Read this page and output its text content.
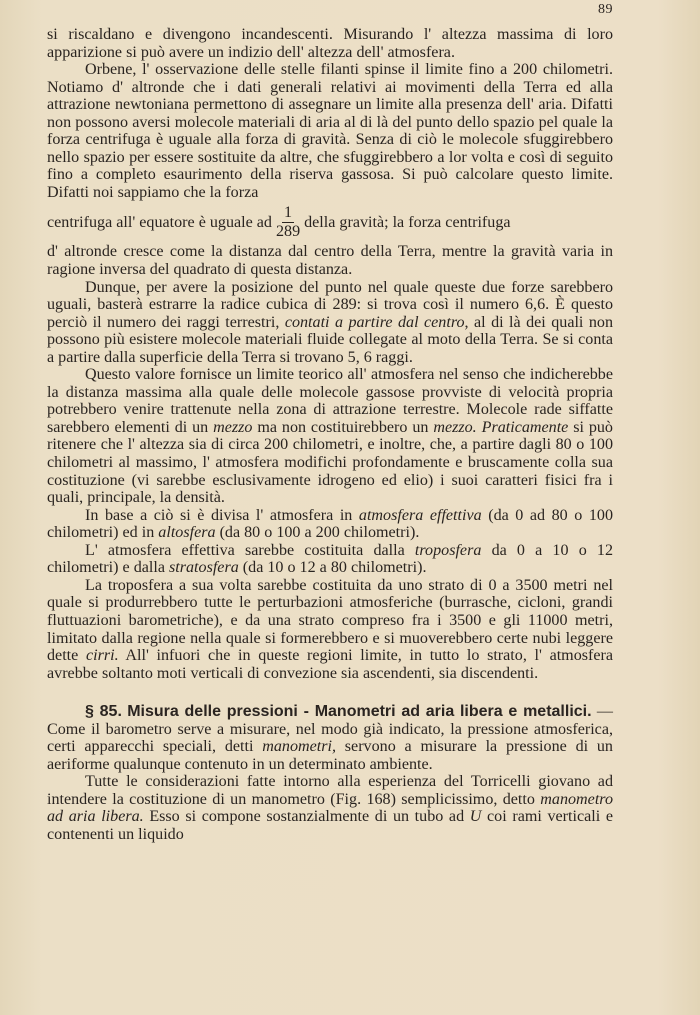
89

si riscaldano e divengono incandescenti. Misurando l' altezza massima di loro apparizione si può avere un indizio dell' altezza dell' atmosfera.

Orbene, l' osservazione delle stelle filanti spinse il limite fino a 200 chilometri. Notiamo d' altronde che i dati generali relativi ai movimenti della Terra ed alla attrazione newtoniana permettono di assegnare un limite alla presenza dell' aria. Difatti non possono aversi molecole materiali di aria al di là del punto dello spazio pel quale la forza centrifuga è uguale alla forza di gravità. Senza di ciò le molecole sfuggirebbero nello spazio per essere sostituite da altre, che sfuggirebbero a lor volta e così di seguito fino a completo esaurimento della riserva gassosa. Si può calcolare questo limite. Difatti noi sappiamo che la forza

centrifuga all' equatore è uguale ad $\frac{1}{289}$ della gravità; la forza centrifuga

d' altronde cresce come la distanza dal centro della Terra, mentre la gravità varia in ragione inversa del quadrato di questa distanza.

Dunque, per avere la posizione del punto nel quale queste due forze sarebbero uguali, basterà estrarre la radice cubica di 289: si trova così il numero 6,6. È questo perciò il numero dei raggi terrestri, contati a partire dal centro, al di là dei quali non possono più esistere molecole materiali fluide collegate al moto della Terra. Se si conta a partire dalla superficie della Terra si trovano 5, 6 raggi.

Questo valore fornisce un limite teorico all' atmosfera nel senso che indicherebbe la distanza massima alla quale delle molecole gassose provviste di velocità propria potrebbero venire trattenute nella zona di attrazione terrestre. Molecole rade siffatte sarebbero elementi di un mezzo ma non costituirebbero un mezzo. Praticamente si può ritenere che l' altezza sia di circa 200 chilometri, e inoltre, che, a partire dagli 80 o 100 chilometri al massimo, l' atmosfera modifichi profondamente e bruscamente colla sua costituzione (vi sarebbe esclusivamente idrogeno ed elio) i suoi caratteri fisici fra i quali, principale, la densità.

In base a ciò si è divisa l' atmosfera in atmosfera effettiva (da 0 ad 80 o 100 chilometri) ed in altosfera (da 80 o 100 a 200 chilometri).

L' atmosfera effettiva sarebbe costituita dalla troposfera da 0 a 10 o 12 chilometri) e dalla stratosfera (da 10 o 12 a 80 chilometri).

La troposfera a sua volta sarebbe costituita da uno strato di 0 a 3500 metri nel quale si produrrebbero tutte le perturbazioni atmosferiche (burrasche, cicloni, grandi fluttuazioni barometriche), e da una strato compreso fra i 3500 e gli 11000 metri, limitato dalla regione nella quale si formerebbero e si muoverebbero certe nubi leggere dette cirri. All' infuori che in queste regioni limite, in tutto lo strato, l' atmosfera avrebbe soltanto moti verticali di convezione sia ascendenti, sia discendenti.

§ 85. Misura delle pressioni - Manometri ad aria libera e metallici. — Come il barometro serve a misurare, nel modo già indicato, la pressione atmosferica, certi apparecchi speciali, detti manometri, servono a misurare la pressione di un aeriforme qualunque contenuto in un determinato ambiente.

Tutte le considerazioni fatte intorno alla esperienza del Torricelli giovano ad intendere la costituzione di un manometro (Fig. 168) semplicissimo, detto manometro ad aria libera. Esso si compone sostanzialmente di un tubo ad U coi rami verticali e contenenti un liquido
